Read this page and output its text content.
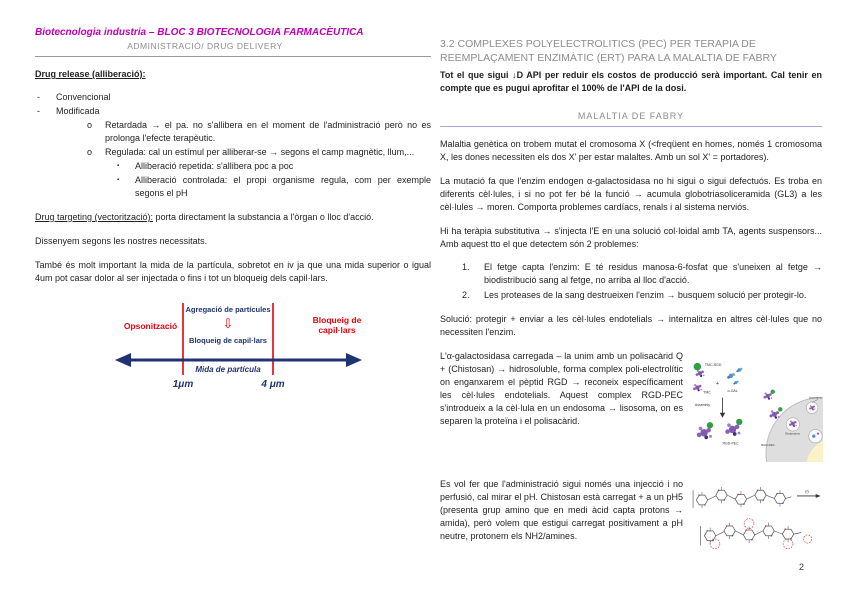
Biotecnologia industria – BLOC 3 BIOTECNOLOGIA FARMACÈUTICA
ADMINISTRACIÓ/ DRUG DELIVERY
Drug release (alliberació):
-	Convencional
-	Modificada
o	Retardada → el pa. no s'allibera en el moment de l'administració però no es prolonga l'efecte terapèutic.
o	Regulada: cal un estímul per alliberar-se → segons el camp magnètic, llum,...
▪	Alliberació repetida: s'allibera poc a poc
▪	Alliberació controlada: el propi organisme regula, com per exemple segons el pH
Drug targeting (vectorització): porta directament la substancia a l'òrgan o lloc d'acció.
Dissenyem segons les nostres necessitats.
També és molt important la mida de la partícula, sobretot en iv ja que una mida superior o igual 4um pot casar dolor al ser injectada o fins i tot un bloqueig dels capil·lars.
Opsonització
Agregació de partícules
⇩
Bloqueig de capil·lars
Bloqueig de
capil·lars
Mida de partícula
1μm	4 μm
3.2 COMPLEXES POLYELECTROLITICS (PEC) PER TERAPIA DE REEMPLAÇAMENT ENZIMÀTIC (ERT) PARA LA MALALTIA DE FABRY
Tot el que sigui ↓D API per reduir els costos de producció serà important. Cal tenir en compte que es pugui aprofitar el 100% de l'API de la dosi.
MALALTIA DE FABRY
Malaltia genètica on trobem mutat el cromosoma X (<freqüent en homes, només 1 cromosoma X, les dones necessiten els dos X' per estar malaltes. Amb un sol X' = portadores).
La mutació fa que l'enzim endogen α-galactosidasa no hi sigui o sigui defectuós. Es troba en diferents cèl·lules, i si no pot fer bé la funció → acumula globotriasoliceramida (GL3) a les cèl·lules → moren. Comporta problemes cardíacs, renals i al sistema nerviós.
Hi ha teràpia substitutiva → s'injecta l'E en una solució col·loidal amb TA, agents suspensors... Amb aquest tto el que detectem són 2 problemes:
1.	El fetge capta l'enzim: E té residus manosa-6-fosfat que s'uneixen al fetge → biodistribució sang al fetge, no arriba al lloc d'acció.
2.	Les proteases de la sang destrueixen l'enzim → busquem solució per protegir-lo.
Solució: protegir + enviar a les cèl·lules endotelials → internalitza en altres cèl·lules que no necessiten l'enzim.
L'α-galactosidasa carregada – la unim amb un polisacàrid Q + (Chistosan) → hidrosoluble, forma complex poli-electrolític on enganxarem el pèptid RGD → reconeix específicament les cèl·lules endotelials. Aquest complex RGD-PEC s'introdueix a la cèl·lula en un endosoma → lisosoma, on es separen la proteïna i el polisacàrid.
Lisosoma
Endosoma
RGD-PEC
TMC-RGD
TMC
+
α-GAL
Assembly
RGD-PEC
Es vol fer que l'administració sigui només una injecció i no perfusió, cal mirar el pH. Chistosan està carregat + a un pH5 (presenta grup amino que en medi àcid capta protons → amida), però volem que estigui carregat positivament a pH neutre, protonem els NH2/amines.
(i)
2
